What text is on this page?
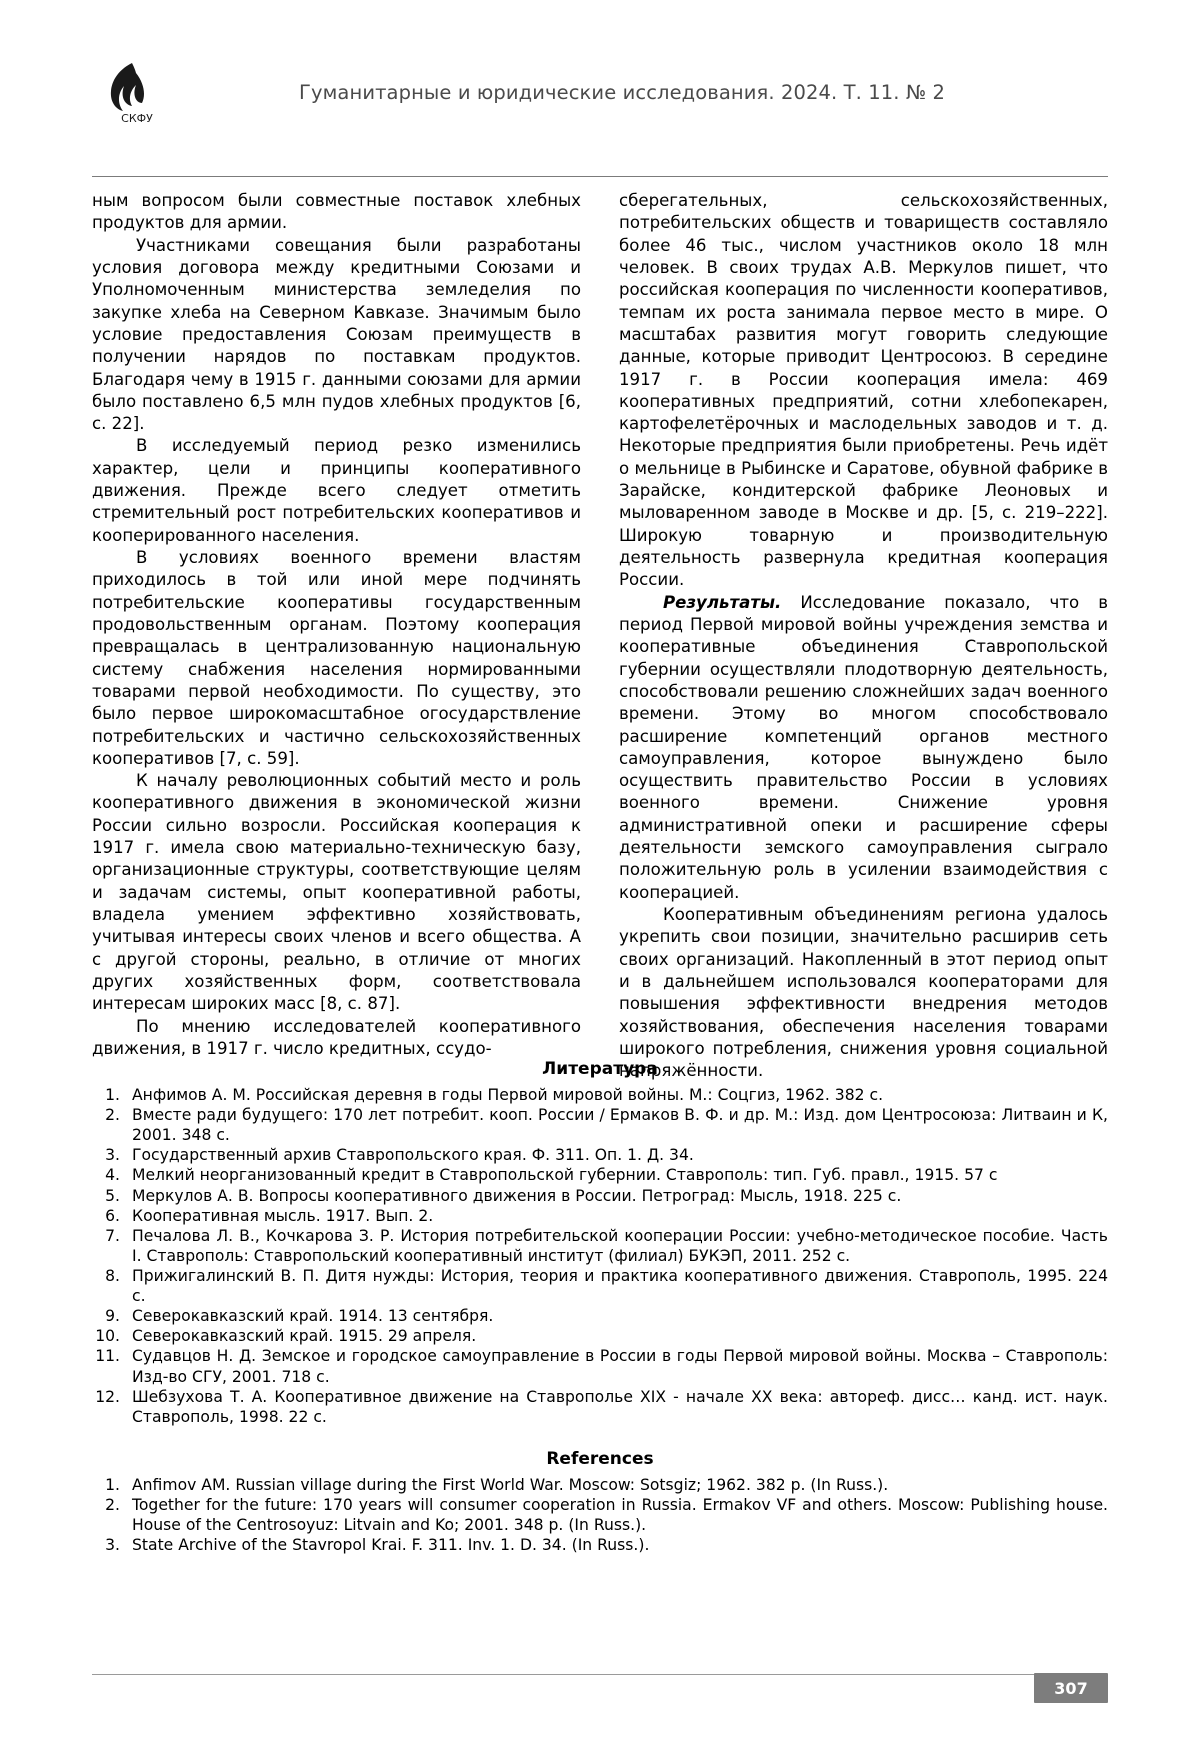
СКФУ
Гуманитарные и юридические исследования. 2024. Т. 11. № 2

ным вопросом были совместные поставок хлебных продуктов для армии.

Участниками совещания были разработаны условия договора между кредитными Союзами и Уполномоченным министерства земледелия по закупке хлеба на Северном Кавказе. Значимым было условие предоставления Союзам преимуществ в получении нарядов по поставкам продуктов. Благодаря чему в 1915 г. данными союзами для армии было поставлено 6,5 млн пудов хлебных продуктов [6, с. 22].

В исследуемый период резко изменились характер, цели и принципы кооперативного движения. Прежде всего следует отметить стремительный рост потребительских кооперативов и кооперированного населения.

В условиях военного времени властям приходилось в той или иной мере подчинять потребительские кооперативы государственным продовольственным органам. Поэтому кооперация превращалась в централизованную национальную систему снабжения населения нормированными товарами первой необходимости. По существу, это было первое широкомасштабное огосударствление потребительских и частично сельскохозяйственных кооперативов [7, с. 59].

К началу революционных событий место и роль кооперативного движения в экономической жизни России сильно возросли. Российская кооперация к 1917 г. имела свою материально-техническую базу, организационные структуры, соответствующие целям и задачам системы, опыт кооперативной работы, владела умением эффективно хозяйствовать, учитывая интересы своих членов и всего общества. А с другой стороны, реально, в отличие от многих других хозяйственных форм, соответствовала интересам широких масс [8, с. 87].

По мнению исследователей кооперативного движения, в 1917 г. число кредитных, ссудо-

сберегательных, сельскохозяйственных, потребительских обществ и товариществ составляло более 46 тыс., числом участников около 18 млн человек. В своих трудах А.В. Меркулов пишет, что российская кооперация по численности кооперативов, темпам их роста занимала первое место в мире. О масштабах развития могут говорить следующие данные, которые приводит Центросоюз. В середине 1917 г. в России кооперация имела: 469 кооперативных предприятий, сотни хлебопекарен, картофелетёрочных и маслодельных заводов и т. д. Некоторые предприятия были приобретены. Речь идёт о мельнице в Рыбинске и Саратове, обувной фабрике в Зарайске, кондитерской фабрике Леоновых и мыловаренном заводе в Москве и др. [5, с. 219–222]. Широкую товарную и производительную деятельность развернула кредитная кооперация России.

Результаты. Исследование показало, что в период Первой мировой войны учреждения земства и кооперативные объединения Ставропольской губернии осуществляли плодотворную деятельность, способствовали решению сложнейших задач военного времени. Этому во многом способствовало расширение компетенций органов местного самоуправления, которое вынуждено было осуществить правительство России в условиях военного времени. Снижение уровня административной опеки и расширение сферы деятельности земского самоуправления сыграло положительную роль в усилении взаимодействия с кооперацией.

Кооперативным объединениям региона удалось укрепить свои позиции, значительно расширив сеть своих организаций. Накопленный в этот период опыт и в дальнейшем использовался кооператорами для повышения эффективности внедрения методов хозяйствования, обеспечения населения товарами широкого потребления, снижения уровня социальной напряжённости.

Литература
1. Анфимов А. М. Российская деревня в годы Первой мировой войны. М.: Соцгиз, 1962. 382 с.
2. Вместе ради будущего: 170 лет потребит. кооп. России / Ермаков В. Ф. и др. М.: Изд. дом Центросоюза: Литваин и К, 2001. 348 с.
3. Государственный архив Ставропольского края. Ф. 311. Оп. 1. Д. 34.
4. Мелкий неорганизованный кредит в Ставропольской губернии. Ставрополь: тип. Губ. правл., 1915. 57 с
5. Меркулов А. В. Вопросы кооперативного движения в России. Петроград: Мысль, 1918. 225 с.
6. Кооперативная мысль. 1917. Вып. 2.
7. Печалова Л. В., Кочкарова З. Р. История потребительской кооперации России: учебно-методическое пособие. Часть I. Ставрополь: Ставропольский кооперативный институт (филиал) БУКЭП, 2011. 252 с.
8. Прижигалинский В. П. Дитя нужды: История, теория и практика кооперативного движения. Ставрополь, 1995. 224 с.
9. Северокавказский край. 1914. 13 сентября.
10. Северокавказский край. 1915. 29 апреля.
11. Судавцов Н. Д. Земское и городское самоуправление в России в годы Первой мировой войны. Москва – Ставрополь: Изд-во СГУ, 2001. 718 с.
12. Шебзухова Т. А. Кооперативное движение на Ставрополье XIX - начале XX века: автореф. дисс… канд. ист. наук. Ставрополь, 1998. 22 с.
References
1. Anfimov AM. Russian village during the First World War. Moscow: Sotsgiz; 1962. 382 p. (In Russ.).
2. Together for the future: 170 years will consumer cooperation in Russia. Ermakov VF and others. Moscow: Publishing house. House of the Centrosoyuz: Litvain and Ko; 2001. 348 p. (In Russ.).
3. State Archive of the Stavropol Krai. F. 311. Inv. 1. D. 34. (In Russ.).
307
